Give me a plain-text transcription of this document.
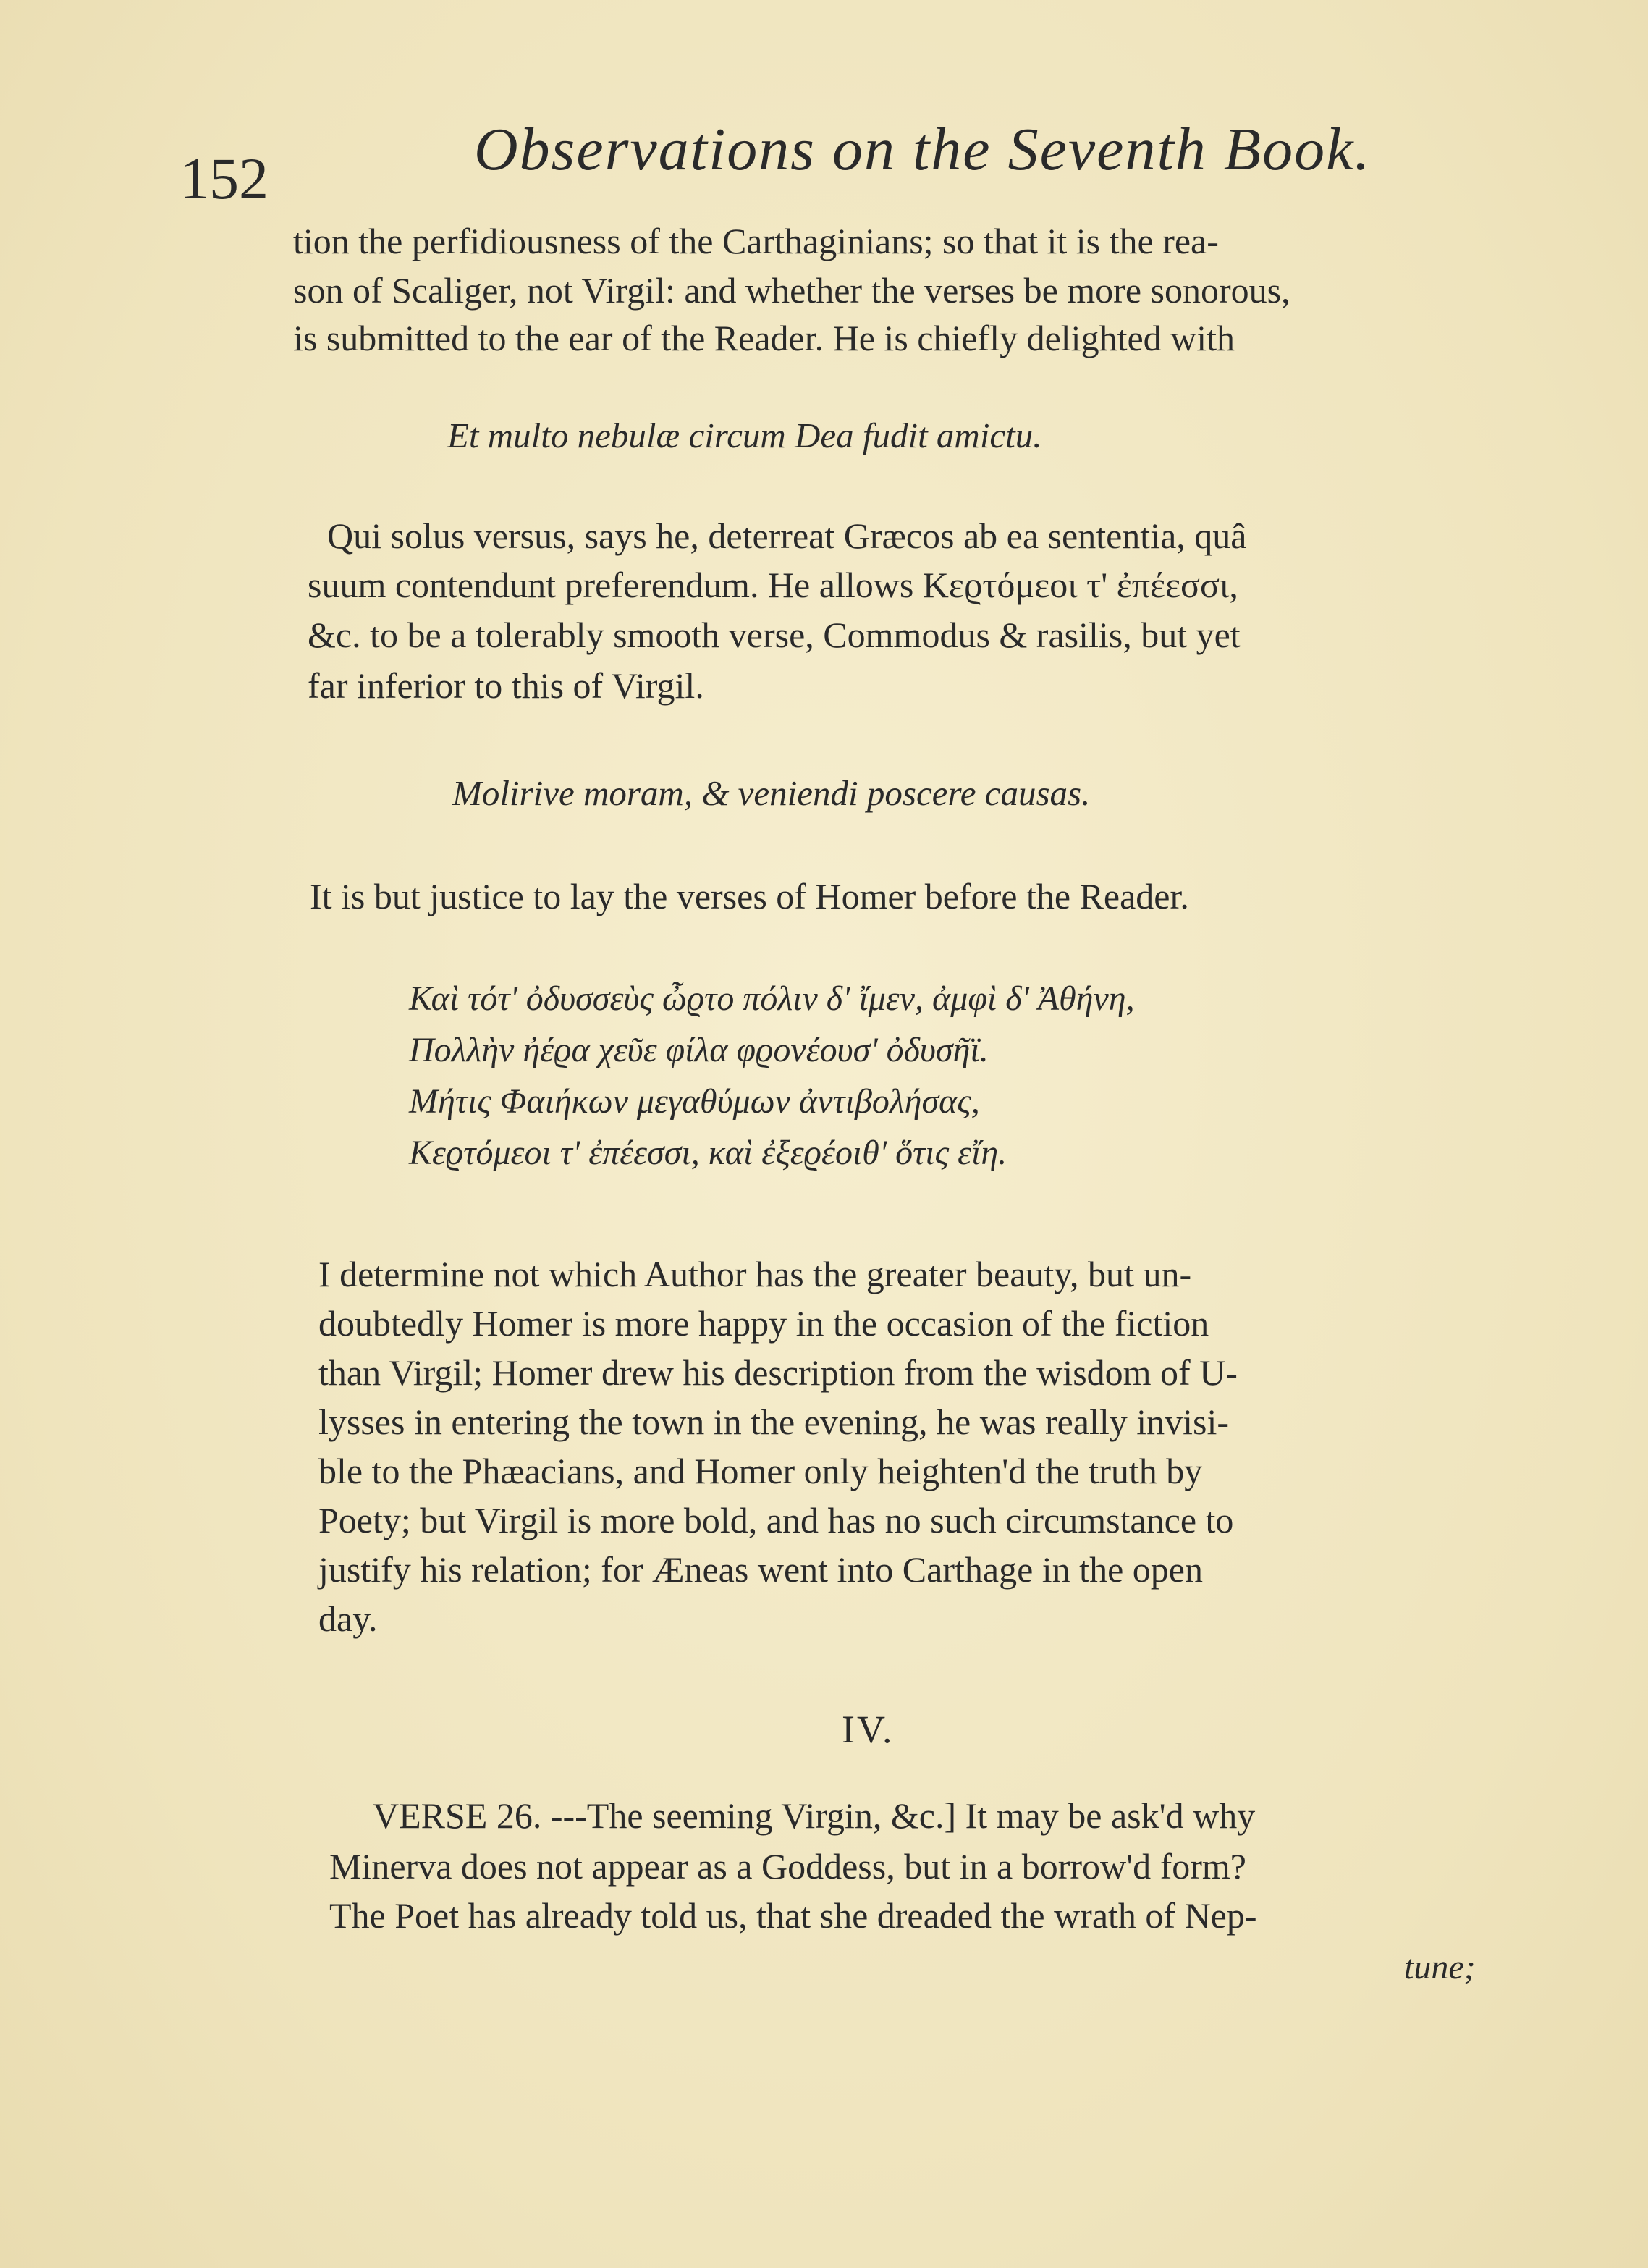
152	Observations on the Seventh Book.
tion the perfidiousness of the Carthaginians; so that it is the rea-
son of Scaliger, not Virgil: and whether the verses be more sonorous,
is submitted to the ear of the Reader. He is chiefly delighted with
Et multo nebulæ circum Dea fudit amictu.
Qui solus versus, says he, deterreat Græcos ab ea sententia, quâ
suum contendunt preferendum. He allows Κεϱτόμεοι τ' ἐπέεσσι,
&c. to be a tolerably smooth verse, Commodus & rasilis, but yet
far inferior to this of Virgil.
Molirive moram, & veniendi poscere causas.
It is but justice to lay the verses of Homer before the Reader.
Καὶ τότ' ὀδυσσεὺς ὦϱτο πόλιν δ' ἴμεν, ἀμφὶ δ' Ἀθήνη,
Πολλὴν ἠέϱα χεῦε φίλα φϱονέουσ' ὀδυσῆϊ.
Μήτις Φαιήκων μεγαθύμων ἀντιβολήσας,
Κεϱτόμεοι τ' ἐπέεσσι, καὶ ἐξεϱέοιθ' ὅτις εἴη.
I determine not which Author has the greater beauty, but un-
doubtedly Homer is more happy in the occasion of the fiction
than Virgil; Homer drew his description from the wisdom of U-
lysses in entering the town in the evening, he was really invisi-
ble to the Phæacians, and Homer only heighten'd the truth by
Poety; but Virgil is more bold, and has no such circumstance to
justify his relation; for Æneas went into Carthage in the open
day.
IV.
VERSE 26. ---The seeming Virgin, &c.] It may be ask'd why
Minerva does not appear as a Goddess, but in a borrow'd form?
The Poet has already told us, that she dreaded the wrath of Nep-
tune;
